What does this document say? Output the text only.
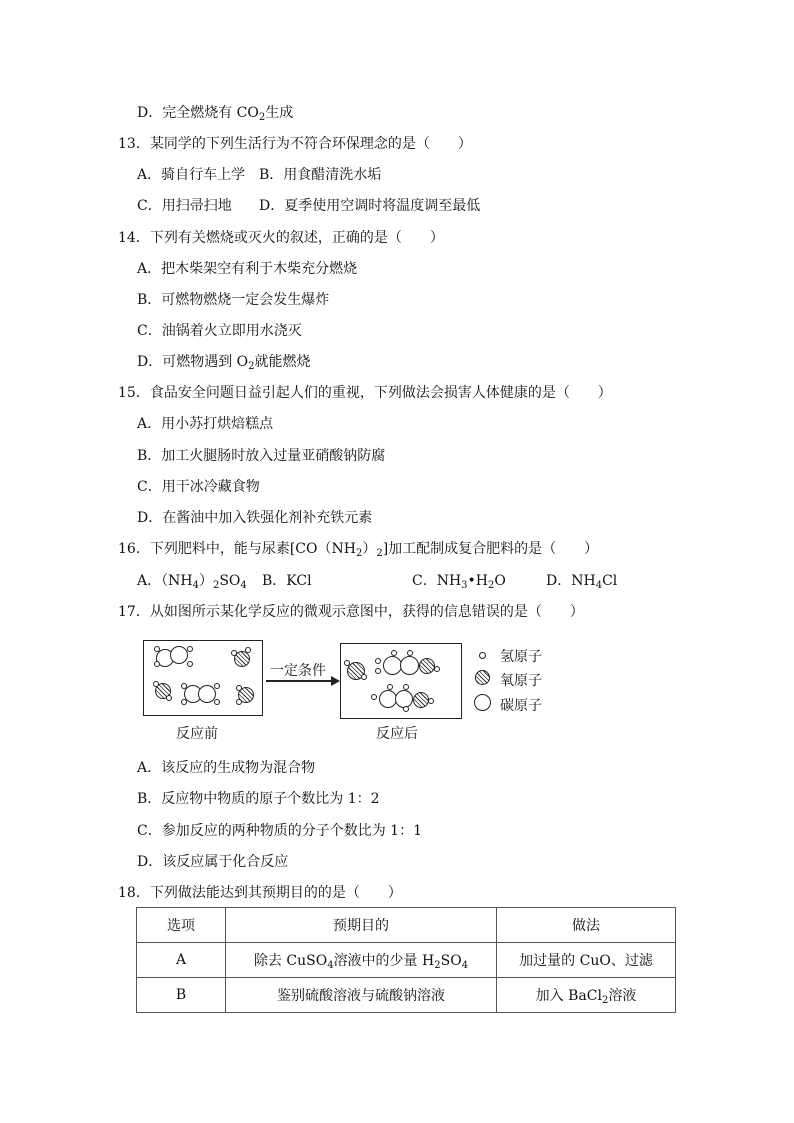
D．完全燃烧有 $CO_2$生成
13．某同学的下列生活行为不符合环保理念的是（　　）
A．骑自行车上学 B．用食醋清洗水垢
C．用扫帚扫地 D．夏季使用空调时将温度调至最低
14．下列有关燃烧或灭火的叙述，正确的是（　　）
A．把木柴架空有利于木柴充分燃烧
B．可燃物燃烧一定会发生爆炸
C．油锅着火立即用水浇灭
D．可燃物遇到 $O_2$就能燃烧
15．食品安全问题日益引起人们的重视，下列做法会损害人体健康的是（　　）
A．用小苏打烘焙糕点
B．加工火腿肠时放入过量亚硝酸钠防腐
C．用干冰冷藏食物
D．在酱油中加入铁强化剂补充铁元素
16．下列肥料中，能与尿素$[CO(NH_2)_2]$加工配制成复合肥料的是（　　）
A．$(NH_4)_2SO_4$ B．KCl	C．$NH_3•H_2O$	D．$NH_4Cl$
17．从如图所示某化学反应的微观示意图中，获得的信息错误的是（　　）
一定条件
反应前	反应后
氢原子
氧原子
碳原子
A．该反应的生成物为混合物
B．反应物中物质的原子个数比为 1：2
C．参加反应的两种物质的分子个数比为 1：1
D．该反应属于化合反应
18．下列做法能达到其预期目的的是（　　）
选项	预期目的	做法
A	除去 CuSO$_4$溶液中的少量 $H_2SO_4$	加过量的 CuO、过滤
B	鉴别硫酸溶液与硫酸钠溶液	加入 BaCl$_2$溶液
